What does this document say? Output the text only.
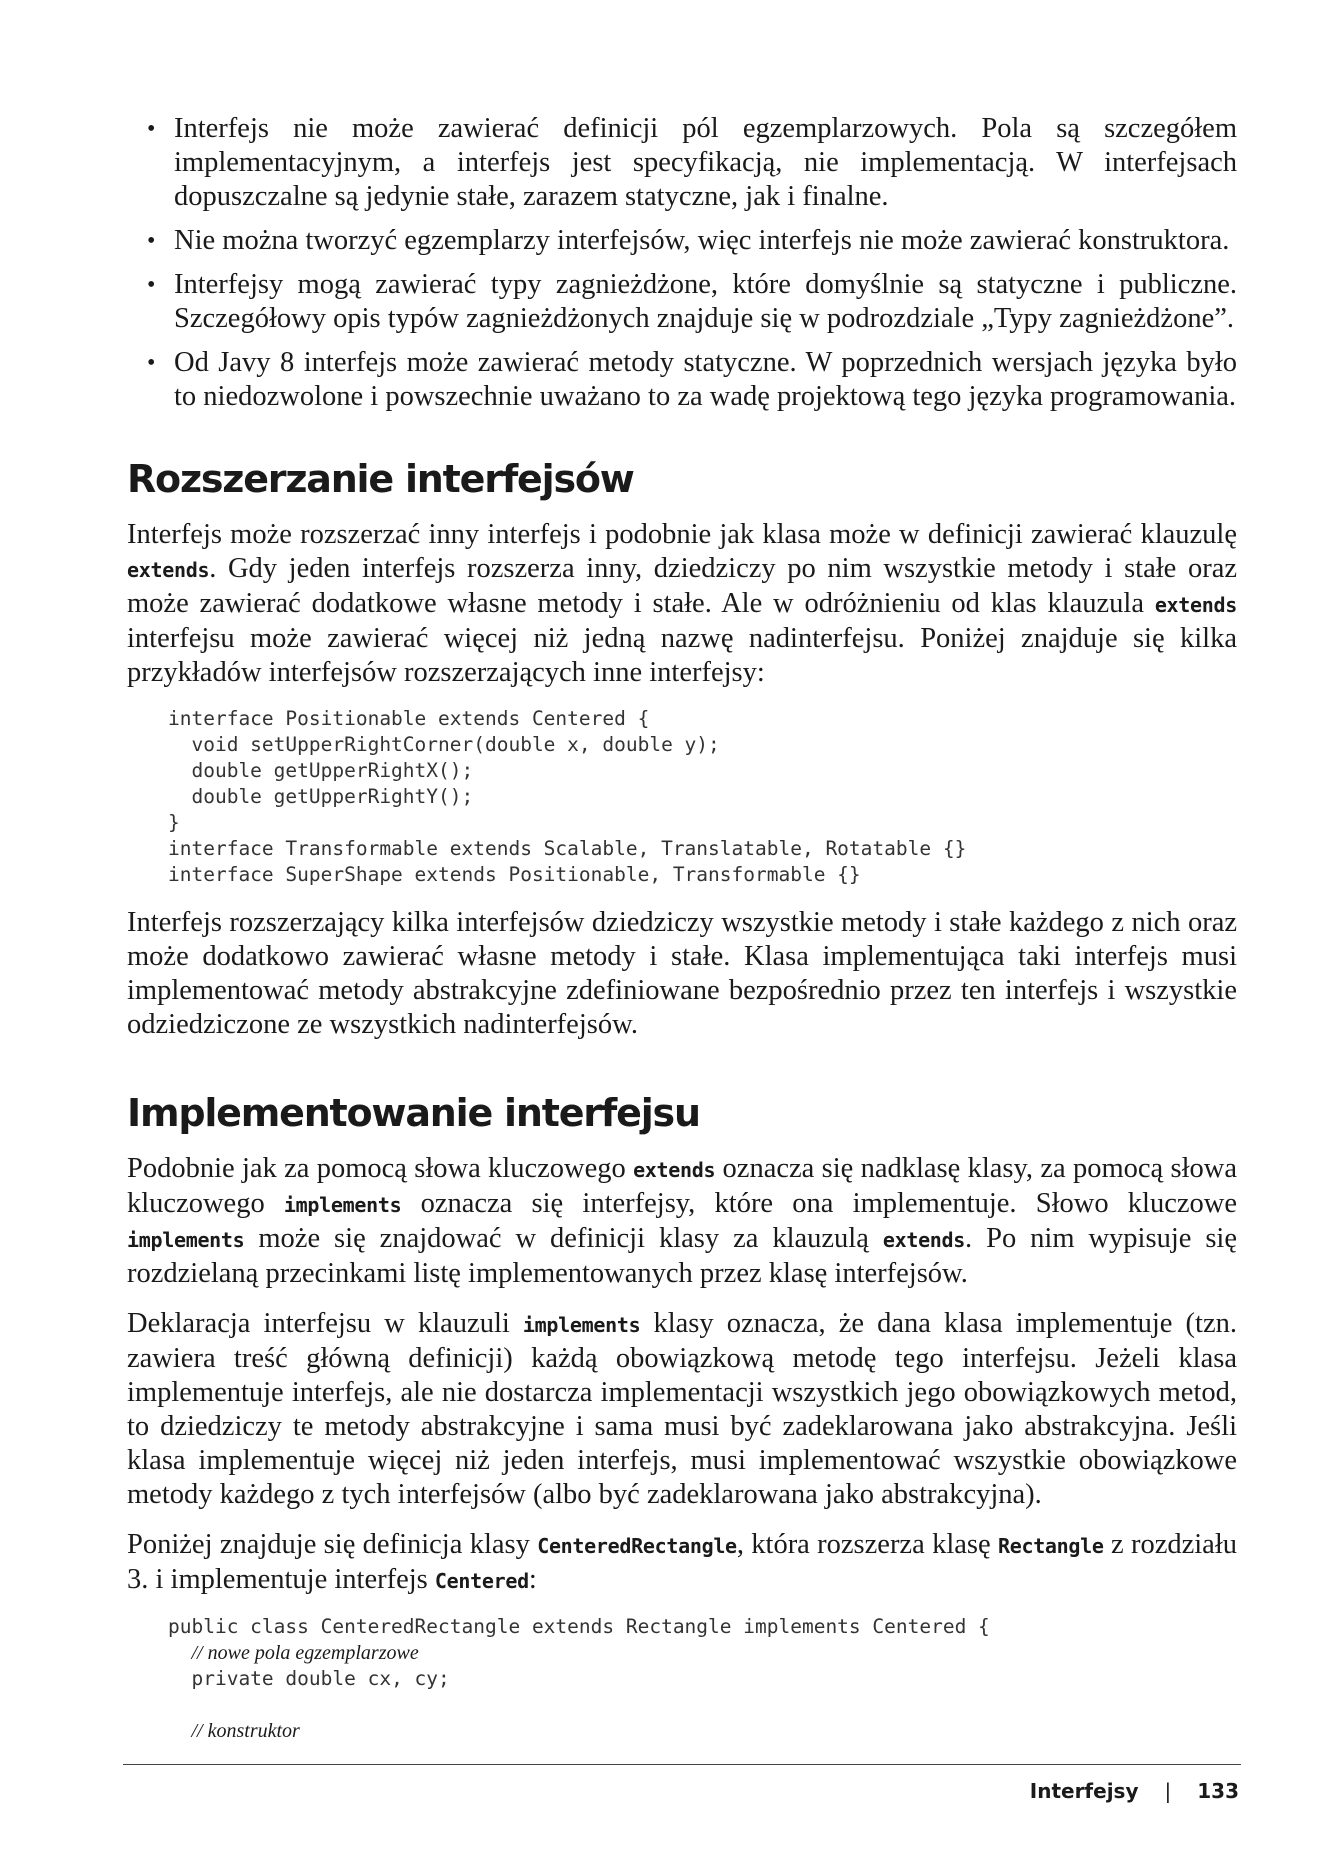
• Interfejs nie może zawierać definicji pól egzemplarzowych. Pola są szczegółem implementacyjnym, a interfejs jest specyfikacją, nie implementacją. W interfejsach dopuszczalne są jedynie stałe, zarazem statyczne, jak i finalne.
• Nie można tworzyć egzemplarzy interfejsów, więc interfejs nie może zawierać konstruktora.
• Interfejsy mogą zawierać typy zagnieżdżone, które domyślnie są statyczne i publiczne. Szczegółowy opis typów zagnieżdżonych znajduje się w podrozdziale „Typy zagnieżdżone”.
• Od Javy 8 interfejs może zawierać metody statyczne. W poprzednich wersjach języka było to niedozwolone i powszechnie uważano to za wadę projektową tego języka programowania.
Rozszerzanie interfejsów

Interfejs może rozszerzać inny interfejs i podobnie jak klasa może w definicji zawierać klauzulę extends. Gdy jeden interfejs rozszerza inny, dziedziczy po nim wszystkie metody i stałe oraz może zawierać dodatkowe własne metody i stałe. Ale w odróżnieniu od klas klauzula extends interfejsu może zawierać więcej niż jedną nazwę nadinterfejsu. Poniżej znajduje się kilka przykładów interfejsów rozszerzających inne interfejsy:

interface Positionable extends Centered {
void setUpperRightCorner(double x, double y);
double getUpperRightX();
double getUpperRightY();
}
interface Transformable extends Scalable, Translatable, Rotatable {}
interface SuperShape extends Positionable, Transformable {}

Interfejs rozszerzający kilka interfejsów dziedziczy wszystkie metody i stałe każdego z nich oraz może dodatkowo zawierać własne metody i stałe. Klasa implementująca taki interfejs musi implementować metody abstrakcyjne zdefiniowane bezpośrednio przez ten interfejs i wszystkie odziedziczone ze wszystkich nadinterfejsów.

Implementowanie interfejsu

Podobnie jak za pomocą słowa kluczowego extends oznacza się nadklasę klasy, za pomocą słowa kluczowego implements oznacza się interfejsy, które ona implementuje. Słowo kluczowe implements może się znajdować w definicji klasy za klauzulą extends. Po nim wypisuje się rozdzielaną przecinkami listę implementowanych przez klasę interfejsów.

Deklaracja interfejsu w klauzuli implements klasy oznacza, że dana klasa implementuje (tzn. zawiera treść główną definicji) każdą obowiązkową metodę tego interfejsu. Jeżeli klasa implementuje interfejs, ale nie dostarcza implementacji wszystkich jego obowiązkowych metod, to dziedziczy te metody abstrakcyjne i sama musi być zadeklarowana jako abstrakcyjna. Jeśli klasa implementuje więcej niż jeden interfejs, musi implementować wszystkie obowiązkowe metody każdego z tych interfejsów (albo być zadeklarowana jako abstrakcyjna).

Poniżej znajduje się definicja klasy CenteredRectangle, która rozszerza klasę Rectangle z rozdziału 3. i implementuje interfejs Centered:

public class CenteredRectangle extends Rectangle implements Centered {
// nowe pola egzemplarzowe
private double cx, cy;

// konstruktor
Interfejsy | 133
